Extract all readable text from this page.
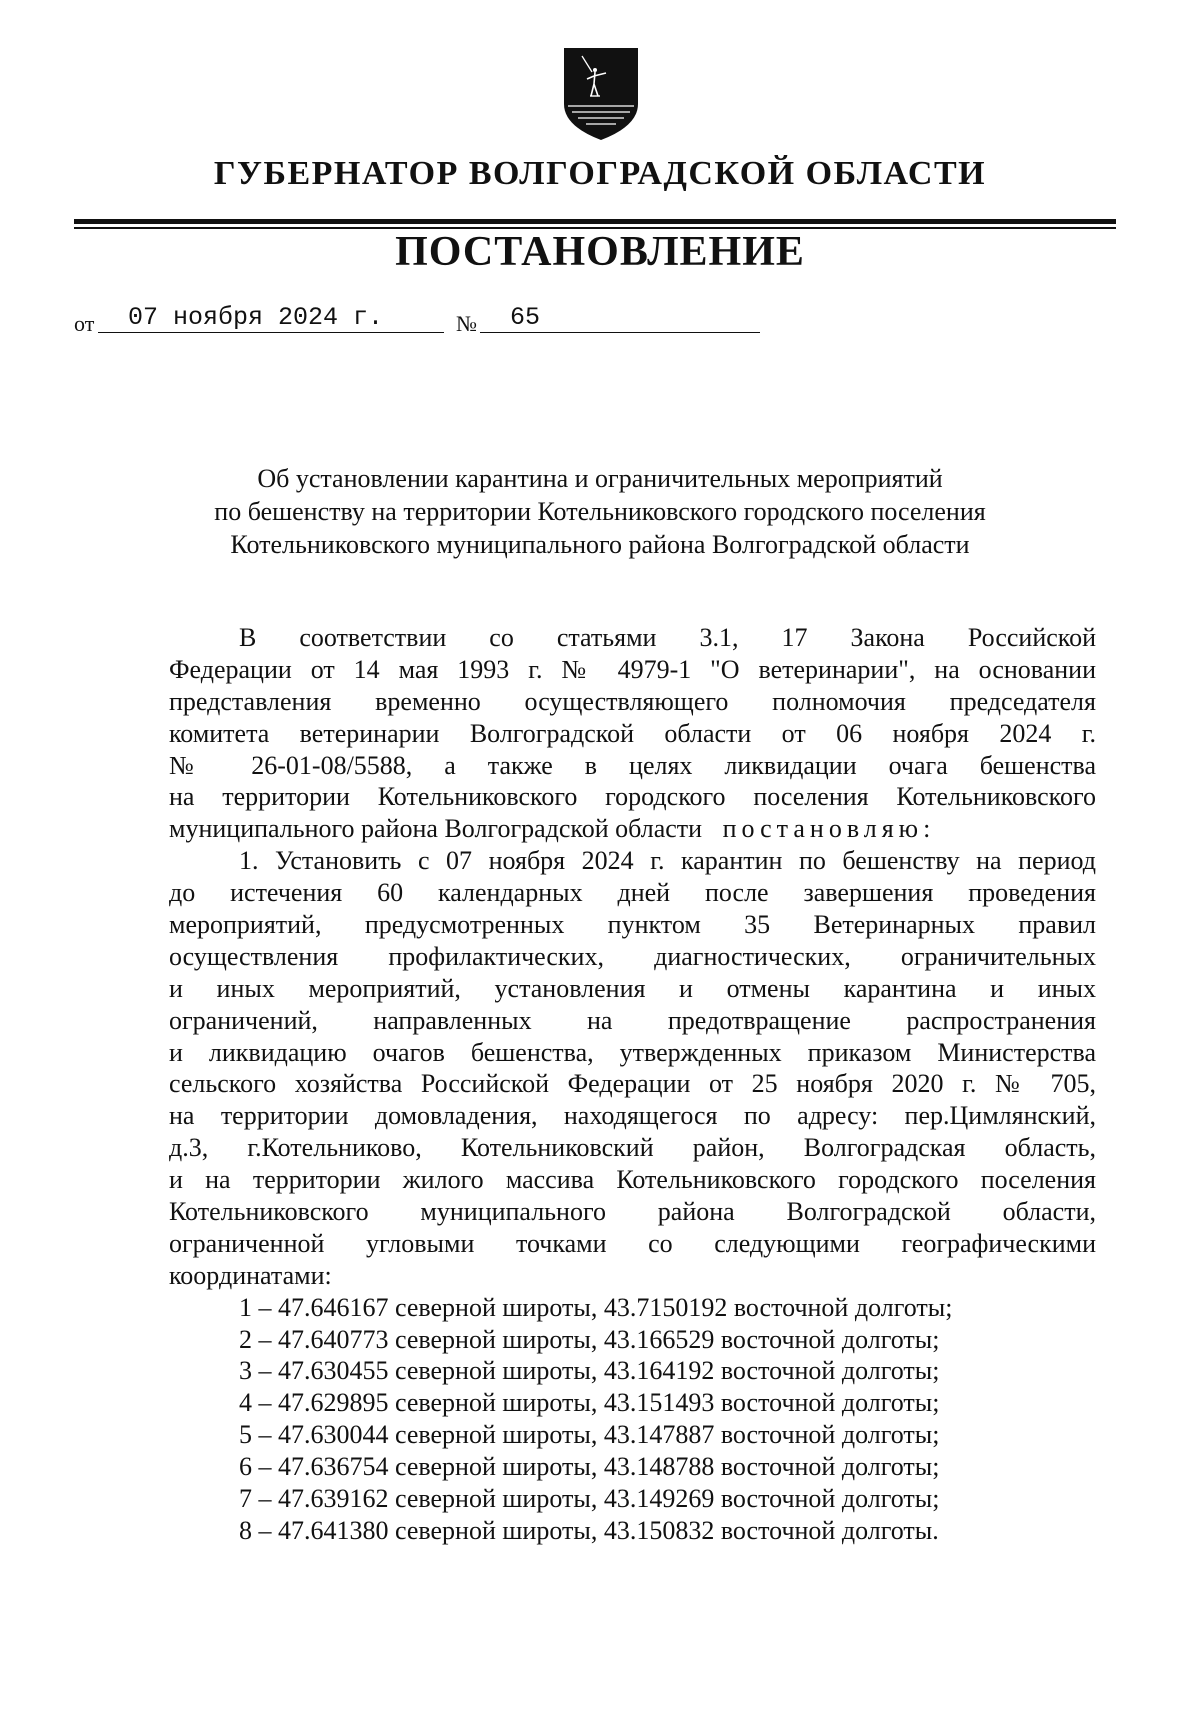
ГУБЕРНАТОР ВОЛГОГРАДСКОЙ ОБЛАСТИ
ПОСТАНОВЛЕНИЕ
от	07 ноября 2024 г.	№	65
Об установлении карантина и ограничительных мероприятий
по бешенству на территории Котельниковского городского поселения
Котельниковского муниципального района Волгоградской области
В соответствии со статьями 3.1, 17 Закона Российской
Федерации от 14 мая 1993 г. № 4979-1 "О ветеринарии", на основании
представления временно осуществляющего полномочия председателя
комитета ветеринарии Волгоградской области от 06 ноября 2024 г.
№ 26-01-08/5588, а также в целях ликвидации очага бешенства
на территории Котельниковского городского поселения Котельниковского
муниципального района Волгоградской области постановляю:
1. Установить с 07 ноября 2024 г. карантин по бешенству на период
до истечения 60 календарных дней после завершения проведения
мероприятий, предусмотренных пунктом 35 Ветеринарных правил
осуществления профилактических, диагностических, ограничительных
и иных мероприятий, установления и отмены карантина и иных
ограничений, направленных на предотвращение распространения
и ликвидацию очагов бешенства, утвержденных приказом Министерства
сельского хозяйства Российской Федерации от 25 ноября 2020 г. № 705,
на территории домовладения, находящегося по адресу: пер.Цимлянский,
д.3, г.Котельниково, Котельниковский район, Волгоградская область,
и на территории жилого массива Котельниковского городского поселения
Котельниковского муниципального района Волгоградской области,
ограниченной угловыми точками со следующими географическими
координатами:
1 – 47.646167 северной широты, 43.7150192 восточной долготы;
2 – 47.640773 северной широты, 43.166529 восточной долготы;
3 – 47.630455 северной широты, 43.164192 восточной долготы;
4 – 47.629895 северной широты, 43.151493 восточной долготы;
5 – 47.630044 северной широты, 43.147887 восточной долготы;
6 – 47.636754 северной широты, 43.148788 восточной долготы;
7 – 47.639162 северной широты, 43.149269 восточной долготы;
8 – 47.641380 северной широты, 43.150832 восточной долготы.
